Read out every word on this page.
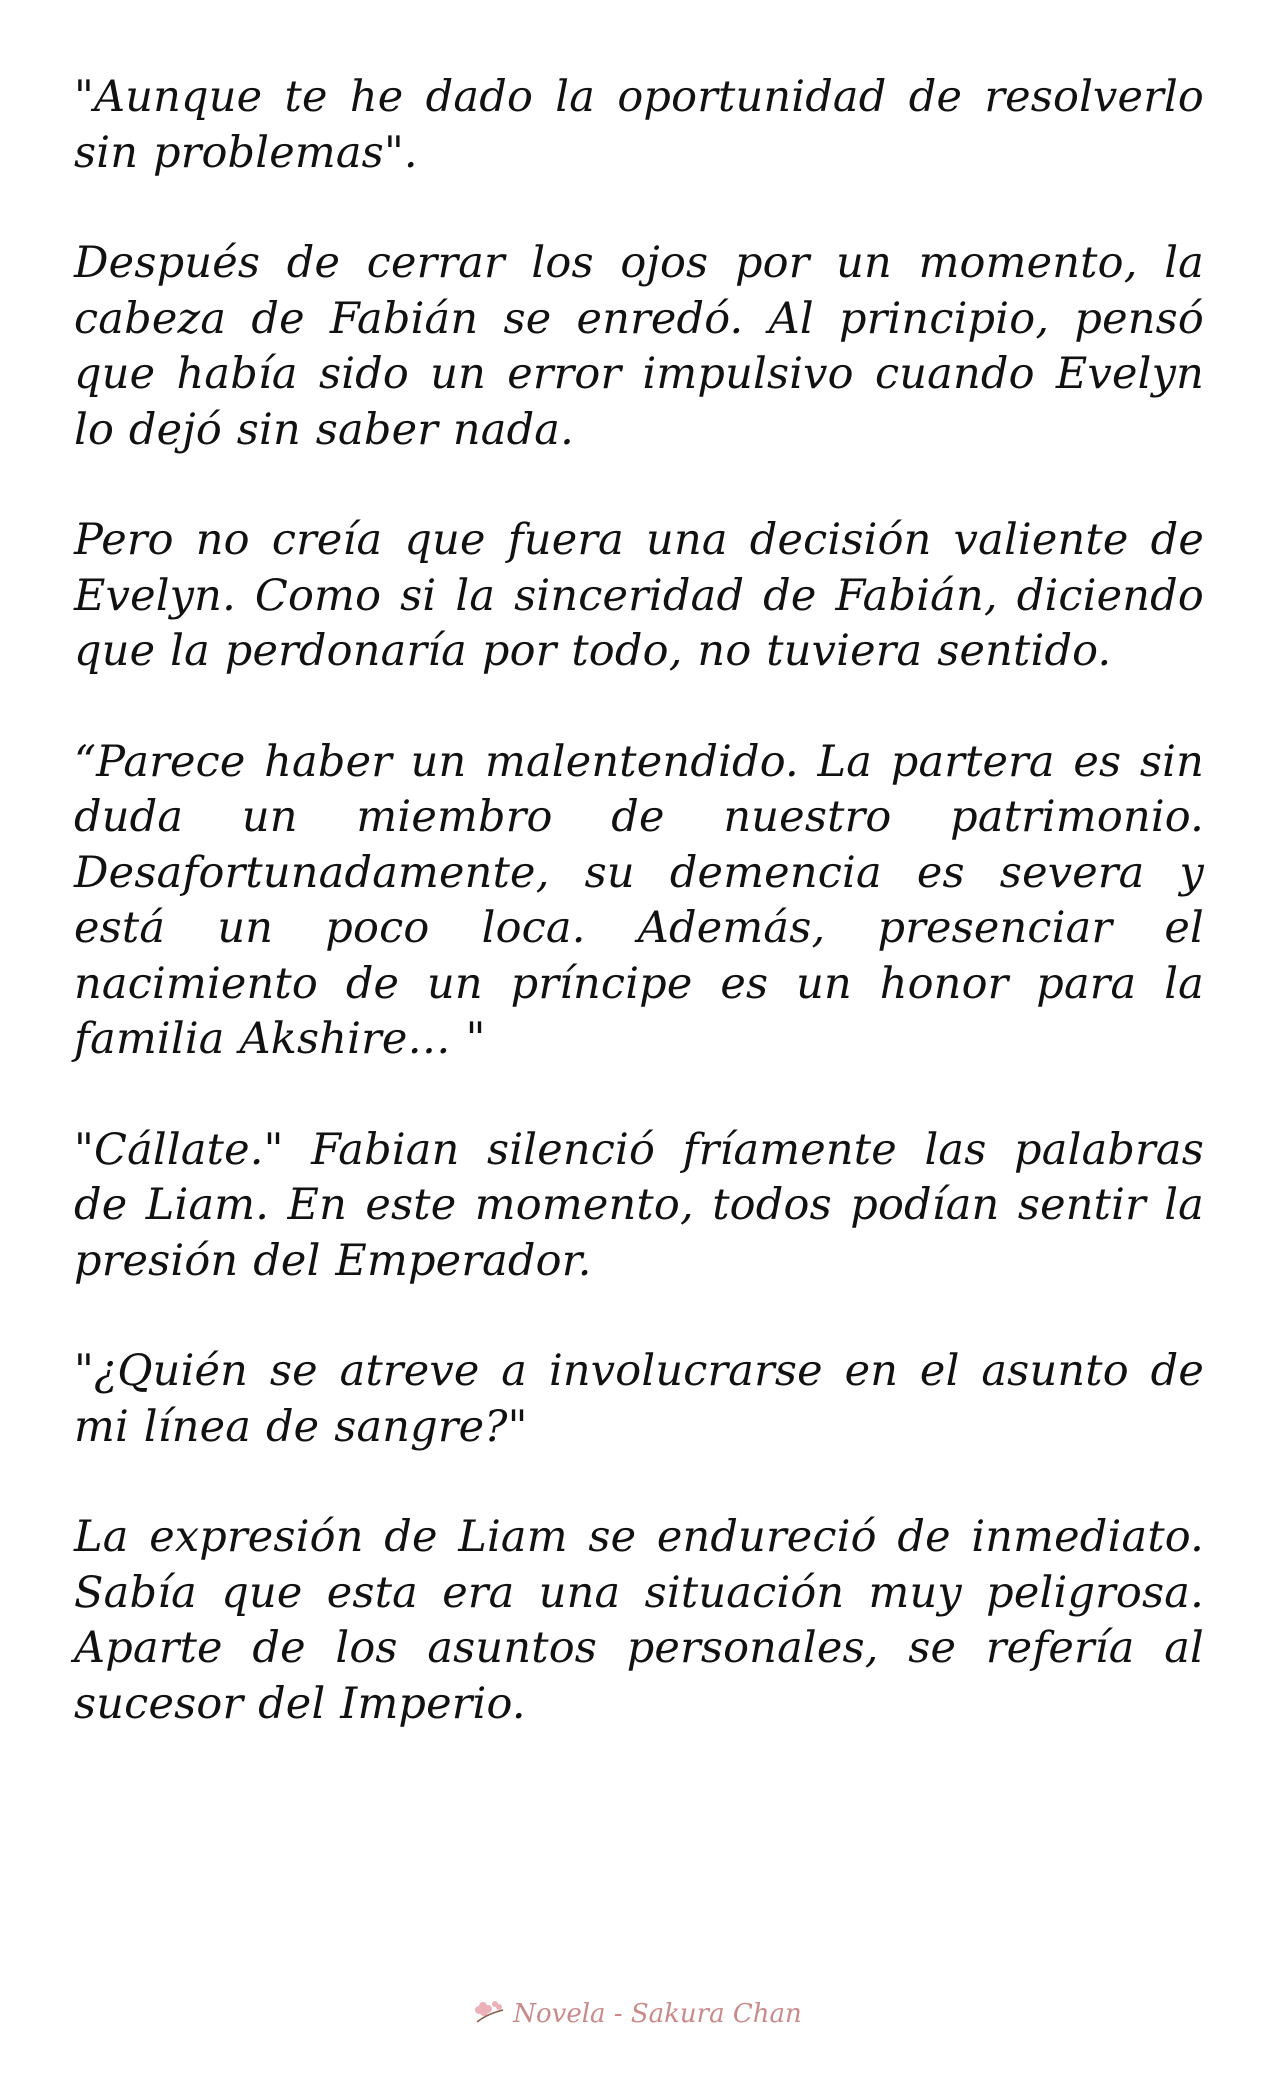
"Aunque te he dado la oportunidad de resolverlo sin problemas".

Después de cerrar los ojos por un momento, la cabeza de Fabián se enredó. Al principio, pensó que había sido un error impulsivo cuando Evelyn lo dejó sin saber nada.

Pero no creía que fuera una decisión valiente de Evelyn. Como si la sinceridad de Fabián, diciendo que la perdonaría por todo, no tuviera sentido.

“Parece haber un malentendido. La partera es sin duda un miembro de nuestro patrimonio. Desafortunadamente, su demencia es severa y está un poco loca. Además, presenciar el nacimiento de un príncipe es un honor para la familia Akshire… "

"Cállate." Fabian silenció fríamente las palabras de Liam. En este momento, todos podían sentir la presión del Emperador.

"¿Quién se atreve a involucrarse en el asunto de mi línea de sangre?"

La expresión de Liam se endureció de inmediato. Sabía que esta era una situación muy peligrosa. Aparte de los asuntos personales, se refería al sucesor del Imperio.

Novela - Sakura Chan
